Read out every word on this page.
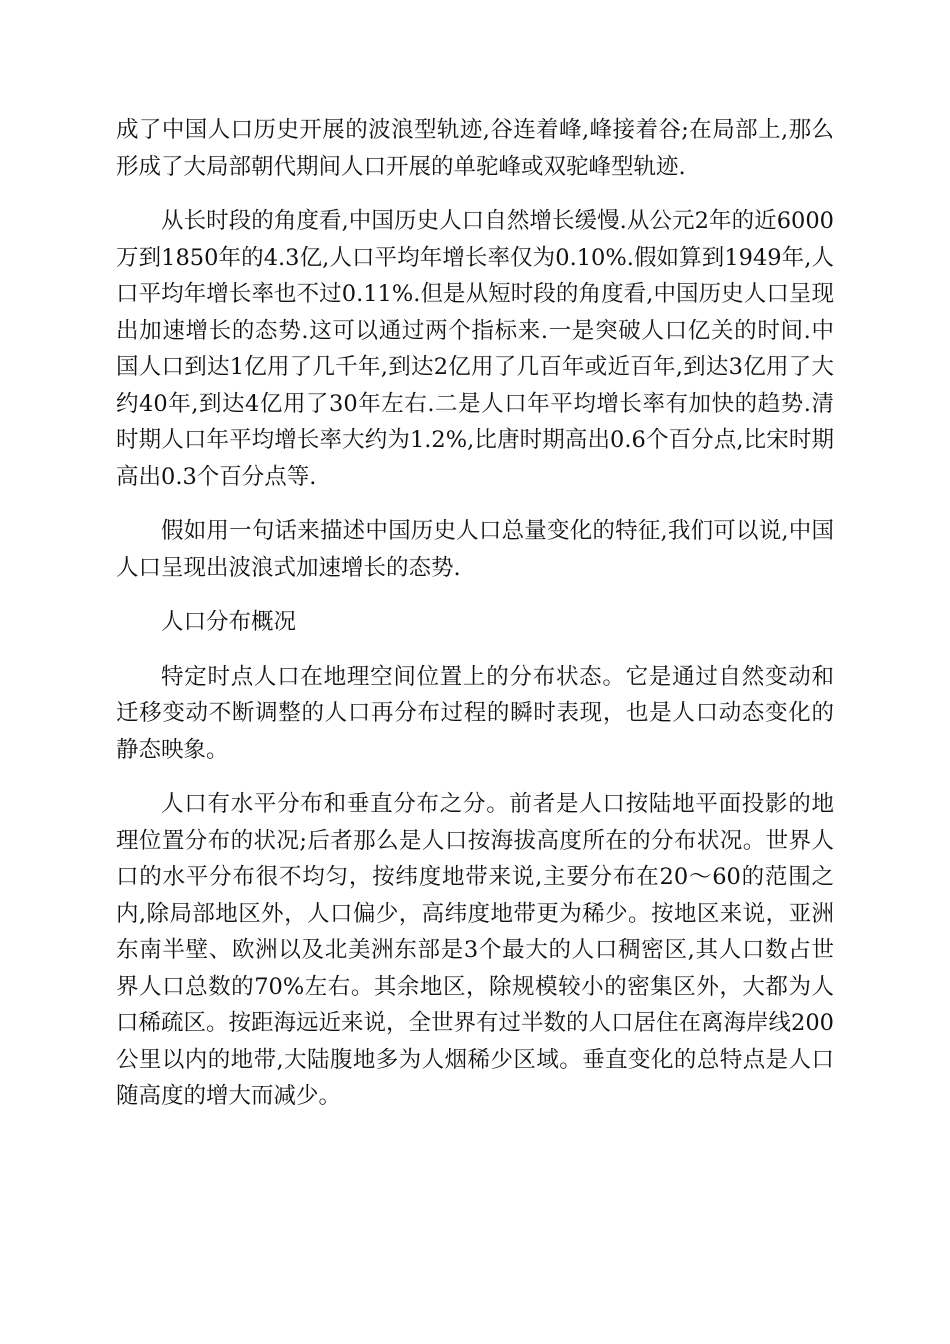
成了中国人口历史开展的波浪型轨迹,谷连着峰,峰接着谷;在局部上,那么形成了大局部朝代期间人口开展的单驼峰或双驼峰型轨迹.

从长时段的角度看,中国历史人口自然增长缓慢.从公元2年的近6000万到1850年的4.3亿,人口平均年增长率仅为0.10%.假如算到1949年,人口平均年增长率也不过0.11%.但是从短时段的角度看,中国历史人口呈现出加速增长的态势.这可以通过两个指标来.一是突破人口亿关的时间.中国人口到达1亿用了几千年,到达2亿用了几百年或近百年,到达3亿用了大约40年,到达4亿用了30年左右.二是人口年平均增长率有加快的趋势.清时期人口年平均增长率大约为1.2%,比唐时期高出0.6个百分点,比宋时期高出0.3个百分点等.

假如用一句话来描述中国历史人口总量变化的特征,我们可以说,中国人口呈现出波浪式加速增长的态势.

人口分布概况

特定时点人口在地理空间位置上的分布状态。它是通过自然变动和迁移变动不断调整的人口再分布过程的瞬时表现，也是人口动态变化的静态映象。

人口有水平分布和垂直分布之分。前者是人口按陆地平面投影的地理位置分布的状况;后者那么是人口按海拔高度所在的分布状况。世界人口的水平分布很不均匀，按纬度地带来说,主要分布在20～60的范围之内,除局部地区外，人口偏少，高纬度地带更为稀少。按地区来说，亚洲东南半壁、欧洲以及北美洲东部是3个最大的人口稠密区,其人口数占世界人口总数的70%左右。其余地区，除规模较小的密集区外，大都为人口稀疏区。按距海远近来说，全世界有过半数的人口居住在离海岸线200公里以内的地带,大陆腹地多为人烟稀少区域。垂直变化的总特点是人口随高度的增大而减少。
